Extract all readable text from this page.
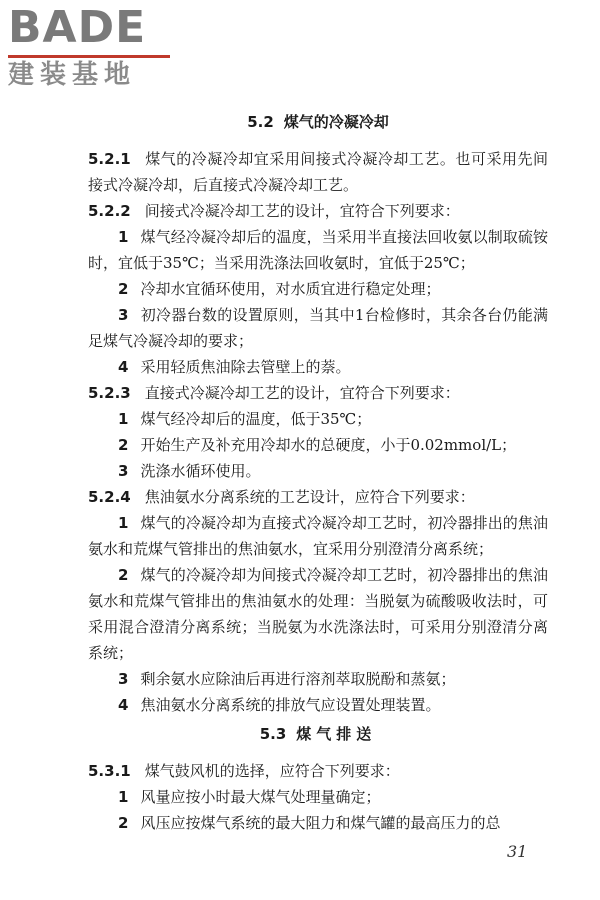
BADE
建装基地
5.2 煤气的冷凝冷却

5.2.1 煤气的冷凝冷却宜采用间接式冷凝冷却工艺。也可采用先间接式冷凝冷却，后直接式冷凝冷却工艺。

5.2.2 间接式冷凝冷却工艺的设计，宜符合下列要求：

1 煤气经冷凝冷却后的温度，当采用半直接法回收氨以制取硫铵时，宜低于35℃；当采用洗涤法回收氨时，宜低于25℃；

2 冷却水宜循环使用，对水质宜进行稳定处理；

3 初冷器台数的设置原则，当其中1台检修时，其余各台仍能满足煤气冷凝冷却的要求；

4 采用轻质焦油除去管壁上的萘。

5.2.3 直接式冷凝冷却工艺的设计，宜符合下列要求：

1 煤气经冷却后的温度，低于35℃；

2 开始生产及补充用冷却水的总硬度，小于0.02mmol/L；

3 洗涤水循环使用。

5.2.4 焦油氨水分离系统的工艺设计，应符合下列要求：

1 煤气的冷凝冷却为直接式冷凝冷却工艺时，初冷器排出的焦油氨水和荒煤气管排出的焦油氨水，宜采用分别澄清分离系统；

2 煤气的冷凝冷却为间接式冷凝冷却工艺时，初冷器排出的焦油氨水和荒煤气管排出的焦油氨水的处理：当脱氨为硫酸吸收法时，可采用混合澄清分离系统；当脱氨为水洗涤法时，可采用分别澄清分离系统；

3 剩余氨水应除油后再进行溶剂萃取脱酚和蒸氨；

4 焦油氨水分离系统的排放气应设置处理装置。

5.3 煤气排送

5.3.1 煤气鼓风机的选择，应符合下列要求：

1 风量应按小时最大煤气处理量确定；

2 风压应按煤气系统的最大阻力和煤气罐的最高压力的总

31
